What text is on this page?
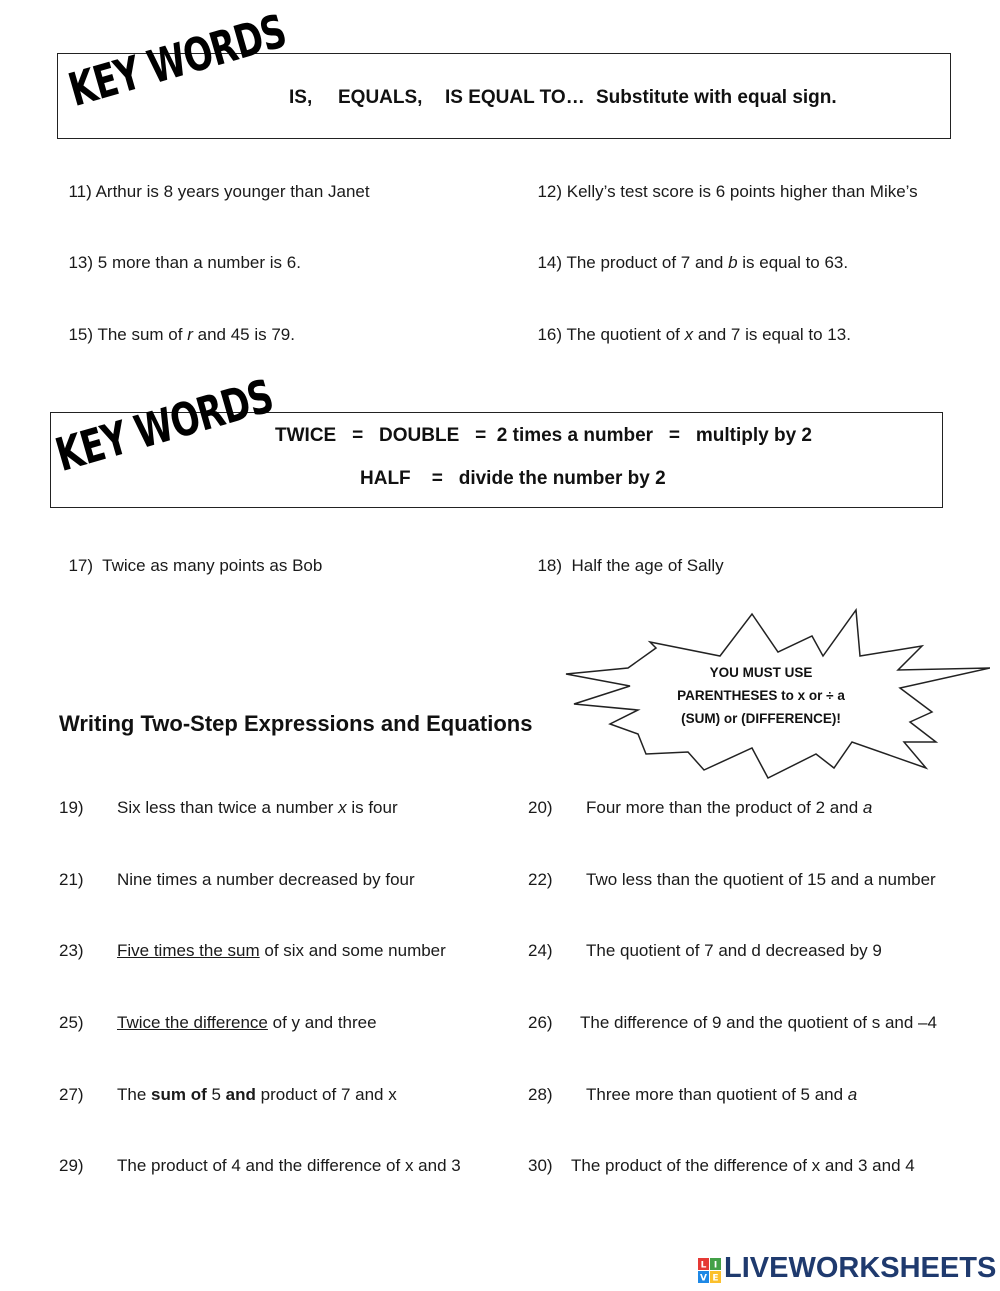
KEY WORDS
IS, EQUALS, IS EQUAL TO… Substitute with equal sign.

11) Arthur is 8 years younger than Janet	12) Kelly’s test score is 6 points higher than Mike’s

13) 5 more than a number is 6.	14) The product of 7 and b is equal to 63.

15) The sum of r and 45 is 79.	16) The quotient of x and 7 is equal to 13.

KEY WORDS
TWICE = DOUBLE = 2 times a number = multiply by 2
HALF = divide the number by 2

17) Twice as many points as Bob	18) Half the age of Sally

YOU MUST USE
PARENTHESES to x or ÷ a
(SUM) or (DIFFERENCE)!
Writing Two-Step Expressions and Equations
19) Six less than twice a number x is four	20) Four more than the product of 2 and a
21) Nine times a number decreased by four	22) Two less than the quotient of 15 and a number
23) Five times the sum of six and some number	24) The quotient of 7 and d decreased by 9
25) Twice the difference of y and three	26) The difference of 9 and the quotient of s and –4
27) The sum of 5 and product of 7 and x	28) Three more than quotient of 5 and a
29) The product of 4 and the difference of x and 3	30) The product of the difference of x and 3 and 4
L I
V E LIVEWORKSHEETS
